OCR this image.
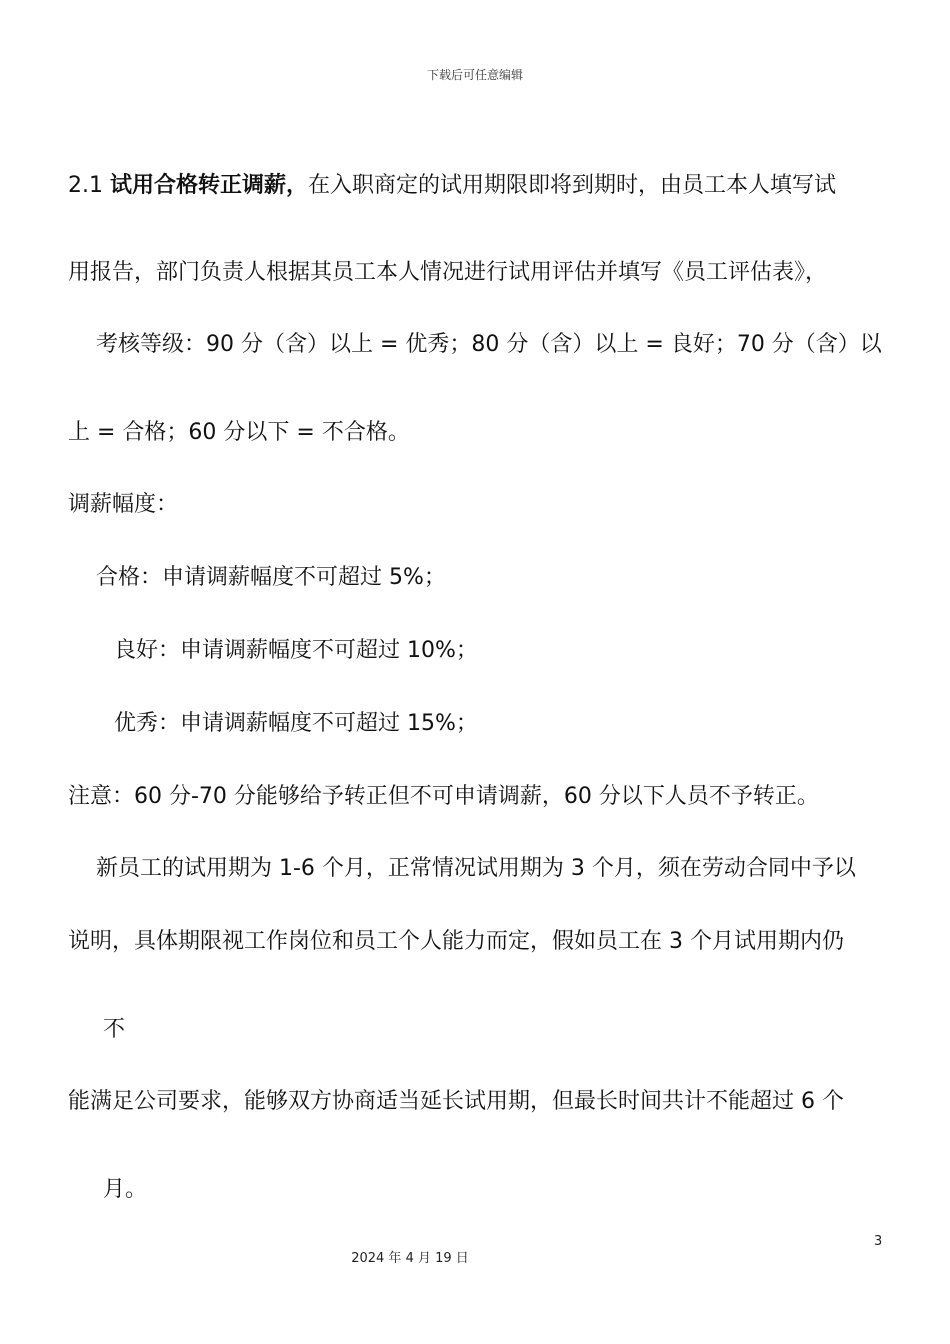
下载后可任意编辑
2.1 试用合格转正调薪，在入职商定的试用期限即将到期时，由员工本人填写试
用报告，部门负责人根据其员工本人情况进行试用评估并填写《员工评估表》，
考核等级：90 分（含）以上 = 优秀；80 分（含）以上 = 良好；70 分（含）以
上 = 合格；60 分以下 = 不合格。
调薪幅度：
合格：申请调薪幅度不可超过 5%；
良好：申请调薪幅度不可超过 10%；
优秀：申请调薪幅度不可超过 15%；
注意：60 分-70 分能够给予转正但不可申请调薪，60 分以下人员不予转正。
新员工的试用期为 1-6 个月，正常情况试用期为 3 个月，须在劳动合同中予以
说明，具体期限视工作岗位和员工个人能力而定，假如员工在 3 个月试用期内仍
不
能满足公司要求，能够双方协商适当延长试用期，但最长时间共计不能超过 6 个
月。
3
2024 年 4 月 19 日
